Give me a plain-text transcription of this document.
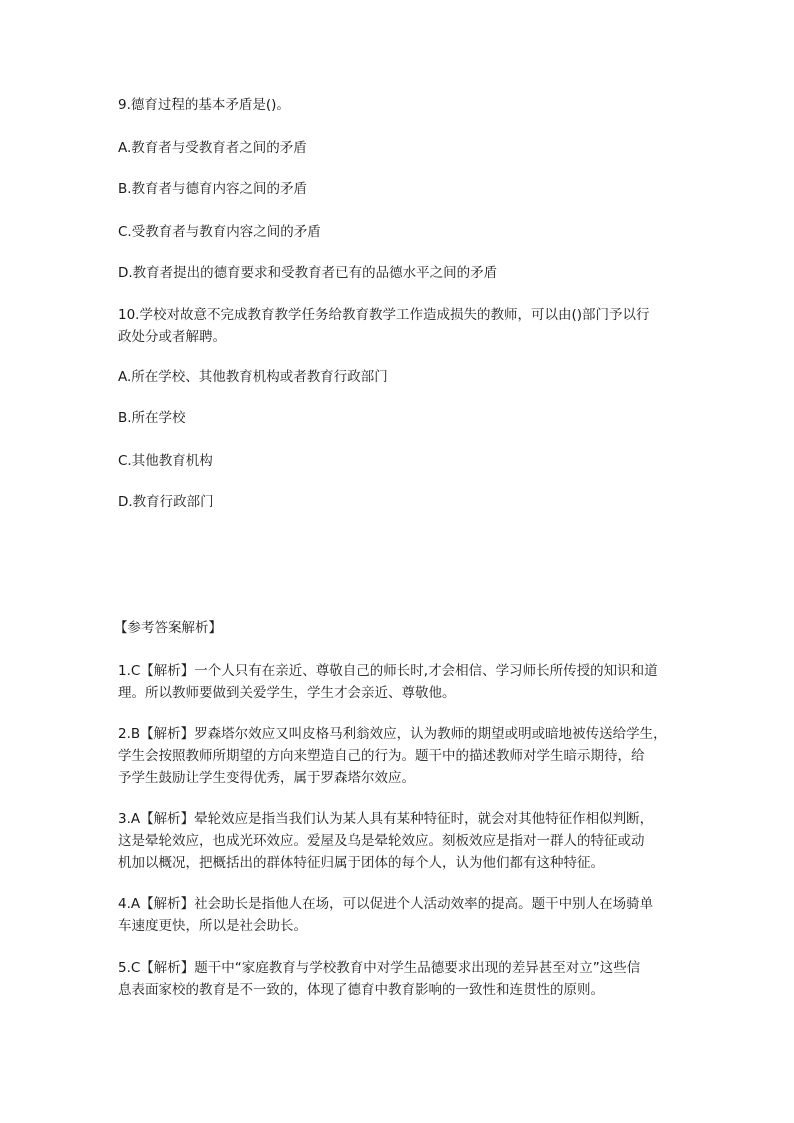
9.德育过程的基本矛盾是()。
A.教育者与受教育者之间的矛盾
B.教育者与德育内容之间的矛盾
C.受教育者与教育内容之间的矛盾
D.教育者提出的德育要求和受教育者已有的品德水平之间的矛盾
10.学校对故意不完成教育教学任务给教育教学工作造成损失的教师，可以由()部门予以行
政处分或者解聘。
A.所在学校、其他教育机构或者教育行政部门
B.所在学校
C.其他教育机构
D.教育行政部门
【参考答案解析】
1.C【解析】一个人只有在亲近、尊敬自己的师长时,才会相信、学习师长所传授的知识和道
理。所以教师要做到关爱学生，学生才会亲近、尊敬他。
2.B【解析】罗森塔尔效应又叫皮格马利翁效应，认为教师的期望或明或暗地被传送给学生，
学生会按照教师所期望的方向来塑造自己的行为。题干中的描述教师对学生暗示期待，给
予学生鼓励让学生变得优秀，属于罗森塔尔效应。
3.A【解析】晕轮效应是指当我们认为某人具有某种特征时，就会对其他特征作相似判断，
这是晕轮效应，也成光环效应。爱屋及乌是晕轮效应。刻板效应是指对一群人的特征或动
机加以概况，把概括出的群体特征归属于团体的每个人，认为他们都有这种特征。
4.A【解析】社会助长是指他人在场，可以促进个人活动效率的提高。题干中别人在场骑单
车速度更快，所以是社会助长。
5.C【解析】题干中“家庭教育与学校教育中对学生品德要求出现的差异甚至对立”这些信
息表面家校的教育是不一致的，体现了德育中教育影响的一致性和连贯性的原则。
